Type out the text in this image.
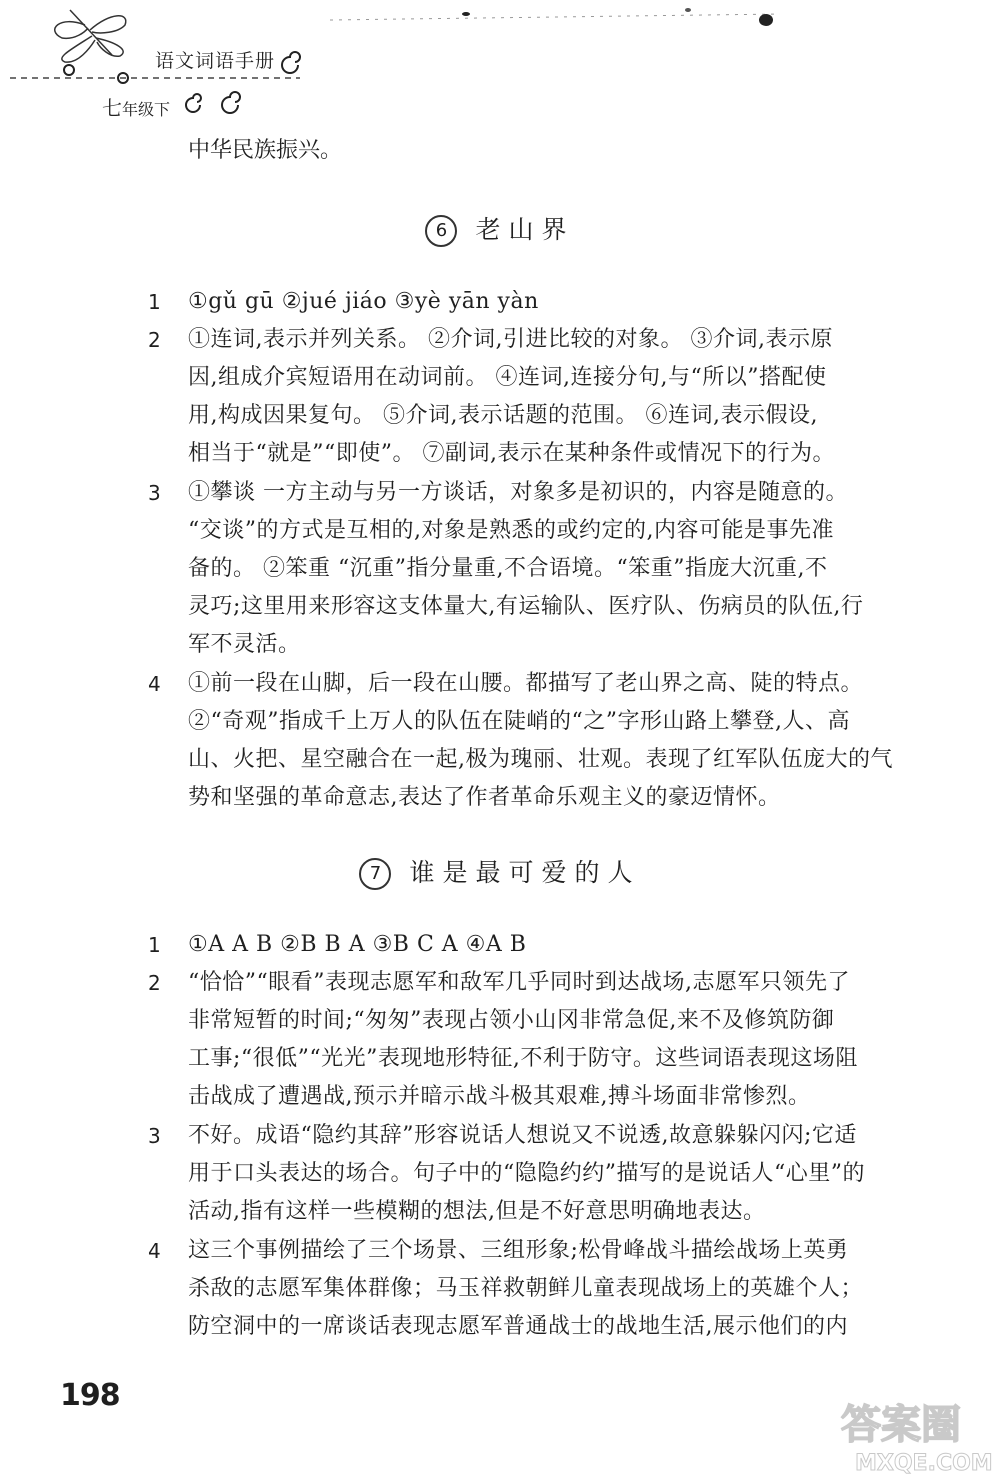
语文词语手册
七年级下
中华民族振兴。
6 老山界
1 ①gǔ gū ②jué jiáo ③yè yān yàn
2 ①连词,表示并列关系。 ②介词,引进比较的对象。 ③介词,表示原
因,组成介宾短语用在动词前。 ④连词,连接分句,与“所以”搭配使
用,构成因果复句。 ⑤介词,表示话题的范围。 ⑥连词,表示假设,
相当于“就是”“即使”。 ⑦副词,表示在某种条件或情况下的行为。
3 ①攀谈 一方主动与另一方谈话，对象多是初识的，内容是随意的。
“交谈”的方式是互相的,对象是熟悉的或约定的,内容可能是事先准
备的。 ②笨重 “沉重”指分量重,不合语境。“笨重”指庞大沉重,不
灵巧;这里用来形容这支体量大,有运输队、医疗队、伤病员的队伍,行
军不灵活。
4 ①前一段在山脚，后一段在山腰。都描写了老山界之高、陡的特点。
②“奇观”指成千上万人的队伍在陡峭的“之”字形山路上攀登,人、高
山、火把、星空融合在一起,极为瑰丽、壮观。表现了红军队伍庞大的气
势和坚强的革命意志,表达了作者革命乐观主义的豪迈情怀。
7 谁是最可爱的人
1 ①A A B ②B B A ③B C A ④A B
2 “恰恰”“眼看”表现志愿军和敌军几乎同时到达战场,志愿军只领先了
非常短暂的时间;“匆匆”表现占领小山冈非常急促,来不及修筑防御
工事;“很低”“光光”表现地形特征,不利于防守。这些词语表现这场阻
击战成了遭遇战,预示并暗示战斗极其艰难,搏斗场面非常惨烈。
3 不好。成语“隐约其辞”形容说话人想说又不说透,故意躲躲闪闪;它适
用于口头表达的场合。句子中的“隐隐约约”描写的是说话人“心里”的
活动,指有这样一些模糊的想法,但是不好意思明确地表达。
4 这三个事例描绘了三个场景、三组形象;松骨峰战斗描绘战场上英勇
杀敌的志愿军集体群像；马玉祥救朝鲜儿童表现战场上的英雄个人；
防空洞中的一席谈话表现志愿军普通战士的战地生活,展示他们的内
198
答案圈
MXQE.COM
